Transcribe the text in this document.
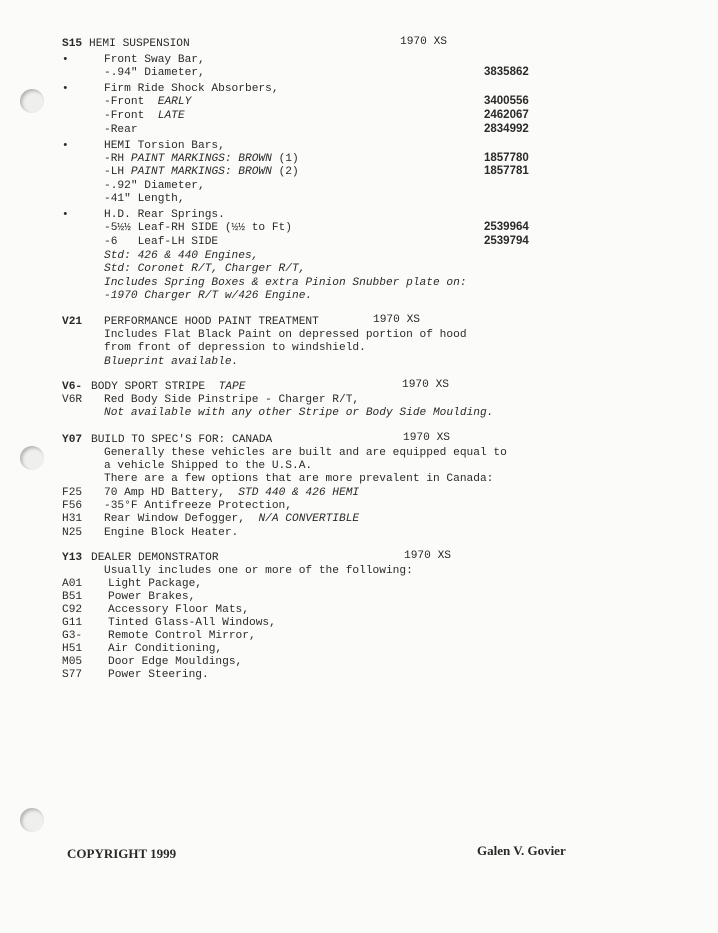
S15 HEMI SUSPENSION	1970 XS
•	Front Sway Bar,
-.94" Diameter,	3835862
•	Firm Ride Shock Absorbers,
-Front EARLY	3400556
-Front LATE	2462067
-Rear	2834992
•	HEMI Torsion Bars,
-RH PAINT MARKINGS: BROWN (1)	1857780
-LH PAINT MARKINGS: BROWN (2)	1857781
-.92" Diameter,
-41" Length,
•	H.D. Rear Springs.
-5½½ Leaf-RH SIDE (½½ to Ft)	2539964
-6   Leaf-LH SIDE	2539794
Std: 426 & 440 Engines,
Std: Coronet R/T, Charger R/T,
Includes Spring Boxes & extra Pinion Snubber plate on:
-1970 Charger R/T w/426 Engine.
V21 PERFORMANCE HOOD PAINT TREATMENT	1970 XS
Includes Flat Black Paint on depressed portion of hood
from front of depression to windshield.
Blueprint available.
V6- BODY SPORT STRIPE TAPE	1970 XS
V6R Red Body Side Pinstripe - Charger R/T,
Not available with any other Stripe or Body Side Moulding.
Y07 BUILD TO SPEC'S FOR: CANADA	1970 XS
Generally these vehicles are built and are equipped equal to
a vehicle Shipped to the U.S.A.
There are a few options that are more prevalent in Canada:
F25 70 Amp HD Battery, STD 440 & 426 HEMI
F56 -35°F Antifreeze Protection,
H31 Rear Window Defogger, N/A CONVERTIBLE
N25 Engine Block Heater.
Y13 DEALER DEMONSTRATOR	1970 XS
Usually includes one or more of the following:
A01 Light Package,
B51 Power Brakes,
C92 Accessory Floor Mats,
G11 Tinted Glass-All Windows,
G3- Remote Control Mirror,
H51 Air Conditioning,
M05 Door Edge Mouldings,
S77 Power Steering.
COPYRIGHT 1999	Galen V. Govier
